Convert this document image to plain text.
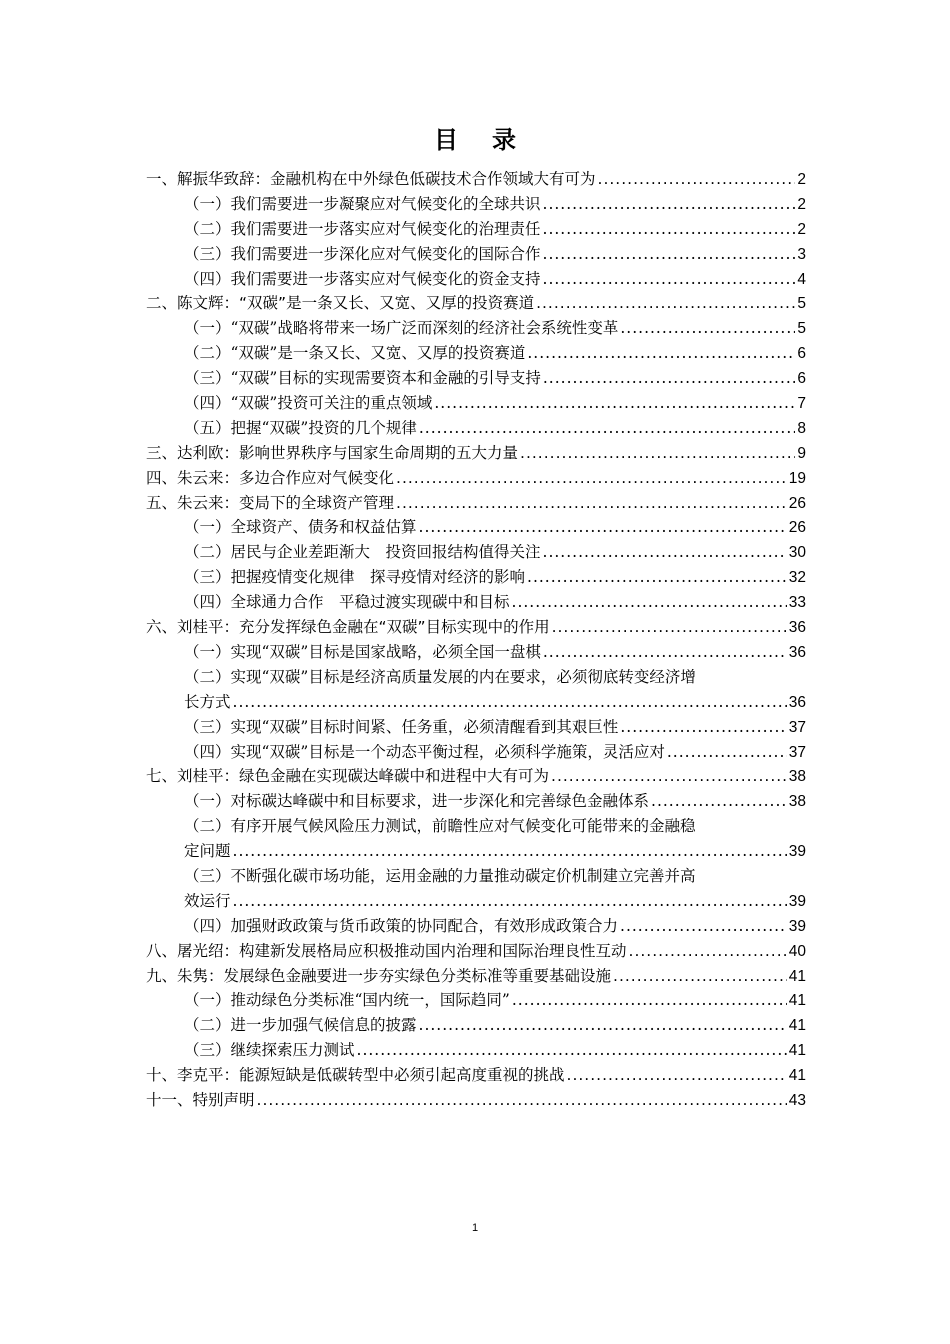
目 录
一、 解振华致辞：金融机构在中外绿色低碳技术合作领域大有可为 .....	2
（一）我们需要进一步凝聚应对气候变化的全球共识 .....	2
（二）我们需要进一步落实应对气候变化的治理责任 .....	2
（三）我们需要进一步深化应对气候变化的国际合作 .....	3
（四）我们需要进一步落实应对气候变化的资金支持 .....	4
二、 陈文辉：“双碳”是一条又长、又宽、又厚的投资赛道 .....	5
（一）“双碳”战略将带来一场广泛而深刻的经济社会系统性变革 .....	5
（二）“双碳”是一条又长、又宽、又厚的投资赛道 .....	6
（三）“双碳”目标的实现需要资本和金融的引导支持 .....	6
（四）“双碳”投资可关注的重点领域 .....	7
（五）把握“双碳”投资的几个规律 .....	8
三、 达利欧：影响世界秩序与国家生命周期的五大力量 .....	9
四、 朱云来：多边合作应对气候变化 .....	19
五、 朱云来：变局下的全球资产管理 .....	26
（一）全球资产、债务和权益估算 .....	26
（二）居民与企业差距渐大　投资回报结构值得关注 .....	30
（三）把握疫情变化规律　探寻疫情对经济的影响 .....	32
（四）全球通力合作　平稳过渡实现碳中和目标 .....	33
六、 刘桂平：充分发挥绿色金融在“双碳”目标实现中的作用 .....	36
（一）实现“双碳”目标是国家战略，必须全国一盘棋 .....	36
（二）实现“双碳”目标是经济高质量发展的内在要求，必须彻底转变经济增
长方式 .....	36
（三）实现“双碳”目标时间紧、任务重，必须清醒看到其艰巨性 .....	37
（四）实现“双碳”目标是一个动态平衡过程，必须科学施策，灵活应对 .....	37
七、 刘桂平：绿色金融在实现碳达峰碳中和进程中大有可为 .....	38
（一）对标碳达峰碳中和目标要求，进一步深化和完善绿色金融体系 .....	38
（二）有序开展气候风险压力测试，前瞻性应对气候变化可能带来的金融稳
定问题 .....	39
（三）不断强化碳市场功能，运用金融的力量推动碳定价机制建立完善并高
效运行 .....	39
（四）加强财政政策与货币政策的协同配合，有效形成政策合力 .....	39
八、 屠光绍：构建新发展格局应积极推动国内治理和国际治理良性互动 .....	40
九、 朱隽：发展绿色金融要进一步夯实绿色分类标准等重要基础设施 .....	41
（一）推动绿色分类标准“国内统一，国际趋同” .....	41
（二）进一步加强气候信息的披露 .....	41
（三）继续探索压力测试 .....	41
十、 李克平：能源短缺是低碳转型中必须引起高度重视的挑战 .....	41
十一、 特别声明 .....	43
1
